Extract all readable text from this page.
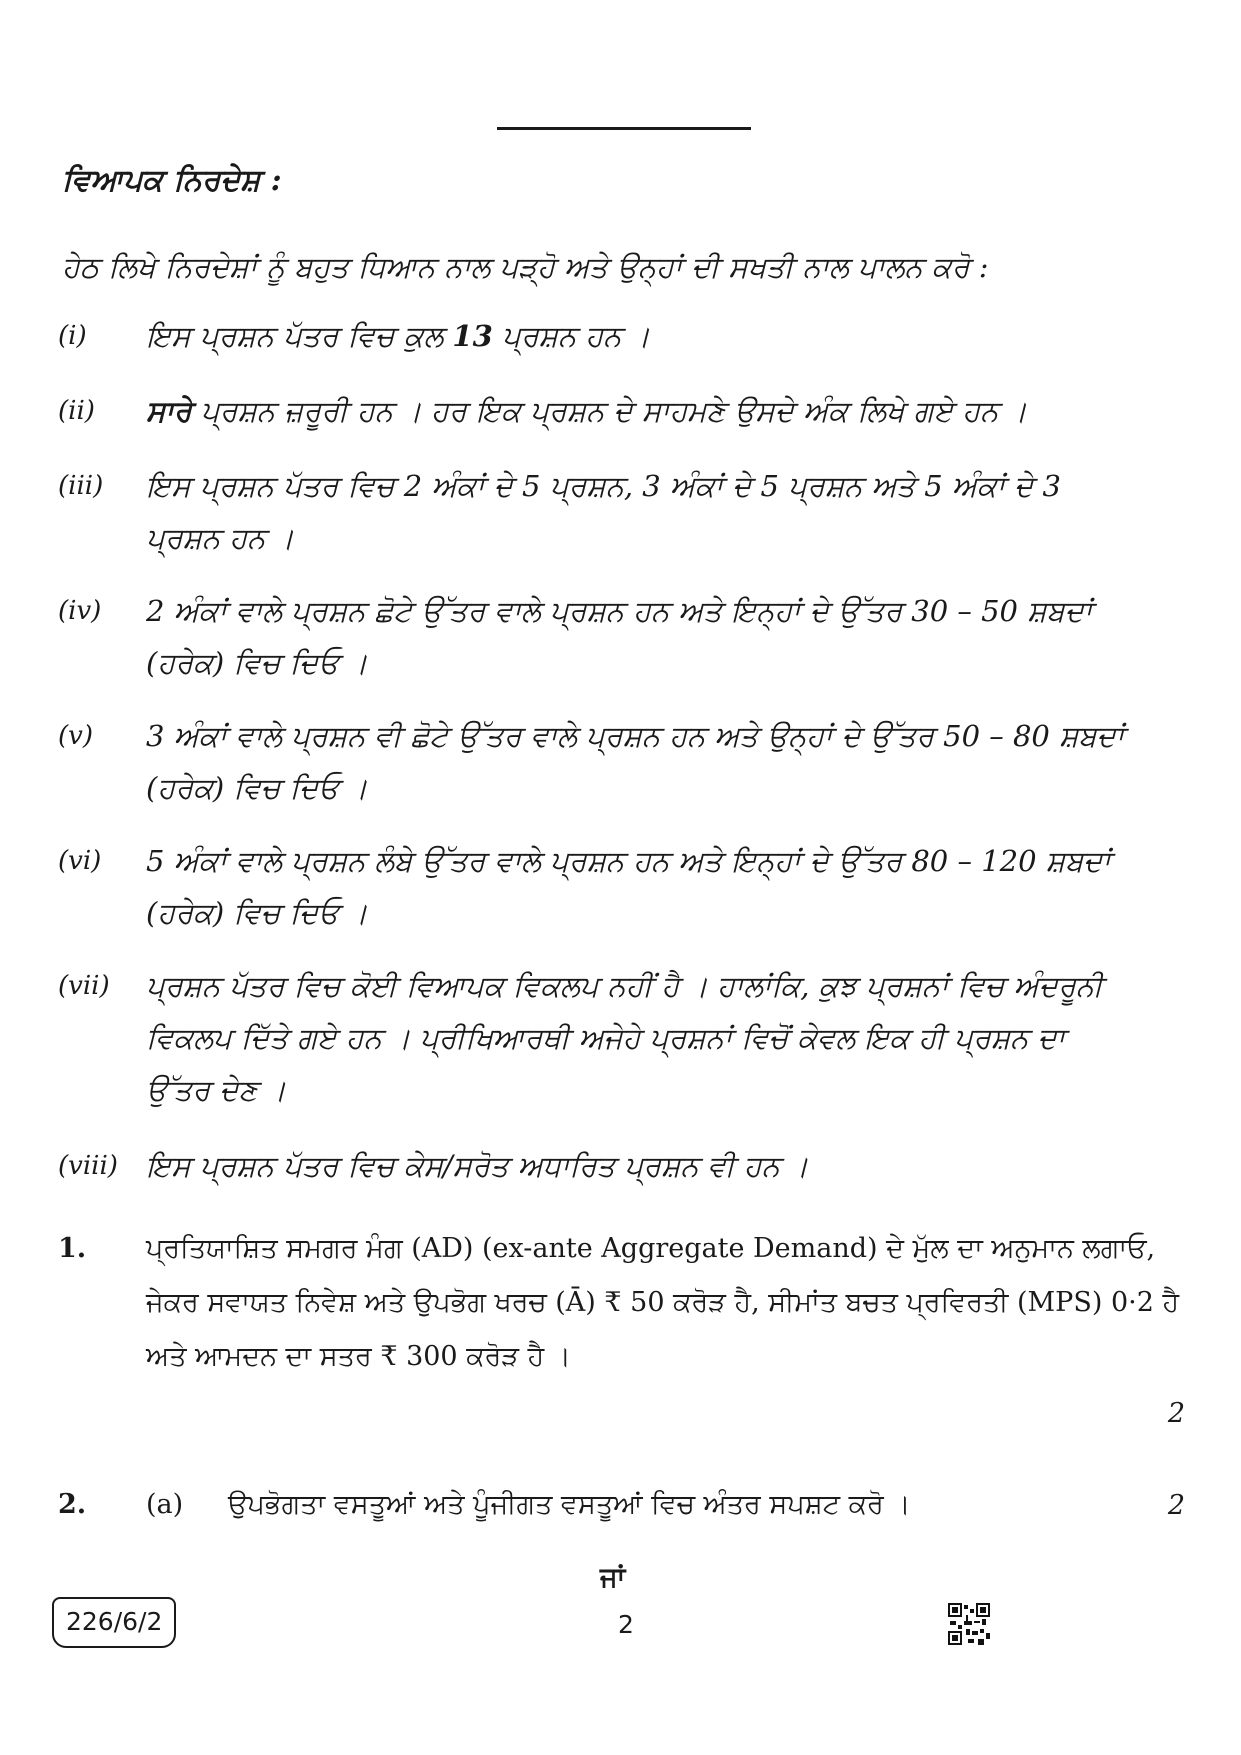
ਵਿਆਪਕ ਨਿਰਦੇਸ਼ :
ਹੇਠ ਲਿਖੇ ਨਿਰਦੇਸ਼ਾਂ ਨੂੰ ਬਹੁਤ ਧਿਆਨ ਨਾਲ ਪੜ੍ਹੋ ਅਤੇ ਉਨ੍ਹਾਂ ਦੀ ਸਖਤੀ ਨਾਲ ਪਾਲਨ ਕਰੋ :
(i)	ਇਸ ਪ੍ਰਸ਼ਨ ਪੱਤਰ ਵਿਚ ਕੁਲ 13 ਪ੍ਰਸ਼ਨ ਹਨ ।
(ii)	ਸਾਰੇ ਪ੍ਰਸ਼ਨ ਜ਼ਰੂਰੀ ਹਨ । ਹਰ ਇਕ ਪ੍ਰਸ਼ਨ ਦੇ ਸਾਹਮਣੇ ਉਸਦੇ ਅੰਕ ਲਿਖੇ ਗਏ ਹਨ ।
(iii)	ਇਸ ਪ੍ਰਸ਼ਨ ਪੱਤਰ ਵਿਚ 2 ਅੰਕਾਂ ਦੇ 5 ਪ੍ਰਸ਼ਨ, 3 ਅੰਕਾਂ ਦੇ 5 ਪ੍ਰਸ਼ਨ ਅਤੇ 5 ਅੰਕਾਂ ਦੇ 3 ਪ੍ਰਸ਼ਨ ਹਨ ।
(iv)	2 ਅੰਕਾਂ ਵਾਲੇ ਪ੍ਰਸ਼ਨ ਛੋਟੇ ਉੱਤਰ ਵਾਲੇ ਪ੍ਰਸ਼ਨ ਹਨ ਅਤੇ ਇਨ੍ਹਾਂ ਦੇ ਉੱਤਰ 30 – 50 ਸ਼ਬਦਾਂ (ਹਰੇਕ) ਵਿਚ ਦਿਓ ।
(v)	3 ਅੰਕਾਂ ਵਾਲੇ ਪ੍ਰਸ਼ਨ ਵੀ ਛੋਟੇ ਉੱਤਰ ਵਾਲੇ ਪ੍ਰਸ਼ਨ ਹਨ ਅਤੇ ਉਨ੍ਹਾਂ ਦੇ ਉੱਤਰ 50 – 80 ਸ਼ਬਦਾਂ (ਹਰੇਕ) ਵਿਚ ਦਿਓ ।
(vi)	5 ਅੰਕਾਂ ਵਾਲੇ ਪ੍ਰਸ਼ਨ ਲੰਬੇ ਉੱਤਰ ਵਾਲੇ ਪ੍ਰਸ਼ਨ ਹਨ ਅਤੇ ਇਨ੍ਹਾਂ ਦੇ ਉੱਤਰ 80 – 120 ਸ਼ਬਦਾਂ (ਹਰੇਕ) ਵਿਚ ਦਿਓ ।
(vii)	ਪ੍ਰਸ਼ਨ ਪੱਤਰ ਵਿਚ ਕੋਈ ਵਿਆਪਕ ਵਿਕਲਪ ਨਹੀਂ ਹੈ । ਹਾਲਾਂਕਿ, ਕੁਝ ਪ੍ਰਸ਼ਨਾਂ ਵਿਚ ਅੰਦਰੂਨੀ ਵਿਕਲਪ ਦਿੱਤੇ ਗਏ ਹਨ । ਪ੍ਰੀਖਿਆਰਥੀ ਅਜੇਹੇ ਪ੍ਰਸ਼ਨਾਂ ਵਿਚੋਂ ਕੇਵਲ ਇਕ ਹੀ ਪ੍ਰਸ਼ਨ ਦਾ ਉੱਤਰ ਦੇਣ ।
(viii) ਇਸ ਪ੍ਰਸ਼ਨ ਪੱਤਰ ਵਿਚ ਕੇਸ/ਸਰੋਤ ਅਧਾਰਿਤ ਪ੍ਰਸ਼ਨ ਵੀ ਹਨ ।
1. ਪ੍ਰਤਿਯਾਸ਼ਿਤ ਸਮਗਰ ਮੰਗ (AD) (ex-ante Aggregate Demand) ਦੇ ਮੁੱਲ ਦਾ ਅਨੁਮਾਨ ਲਗਾਓ, ਜੇਕਰ ਸਵਾਯਤ ਨਿਵੇਸ਼ ਅਤੇ ਉਪਭੋਗ ਖਰਚ (Ā) ₹ 50 ਕਰੋੜ ਹੈ, ਸੀਮਾਂਤ ਬਚਤ ਪ੍ਰਵਿਰਤੀ (MPS) 0·2 ਹੈ ਅਤੇ ਆਮਦਨ ਦਾ ਸਤਰ ₹ 300 ਕਰੋੜ ਹੈ ।
2
2. (a) ਉਪਭੋਗਤਾ ਵਸਤੂਆਂ ਅਤੇ ਪੂੰਜੀਗਤ ਵਸਤੂਆਂ ਵਿਚ ਅੰਤਰ ਸਪਸ਼ਟ ਕਰੋ ।	2
ਜਾਂ
226/6/2	2
